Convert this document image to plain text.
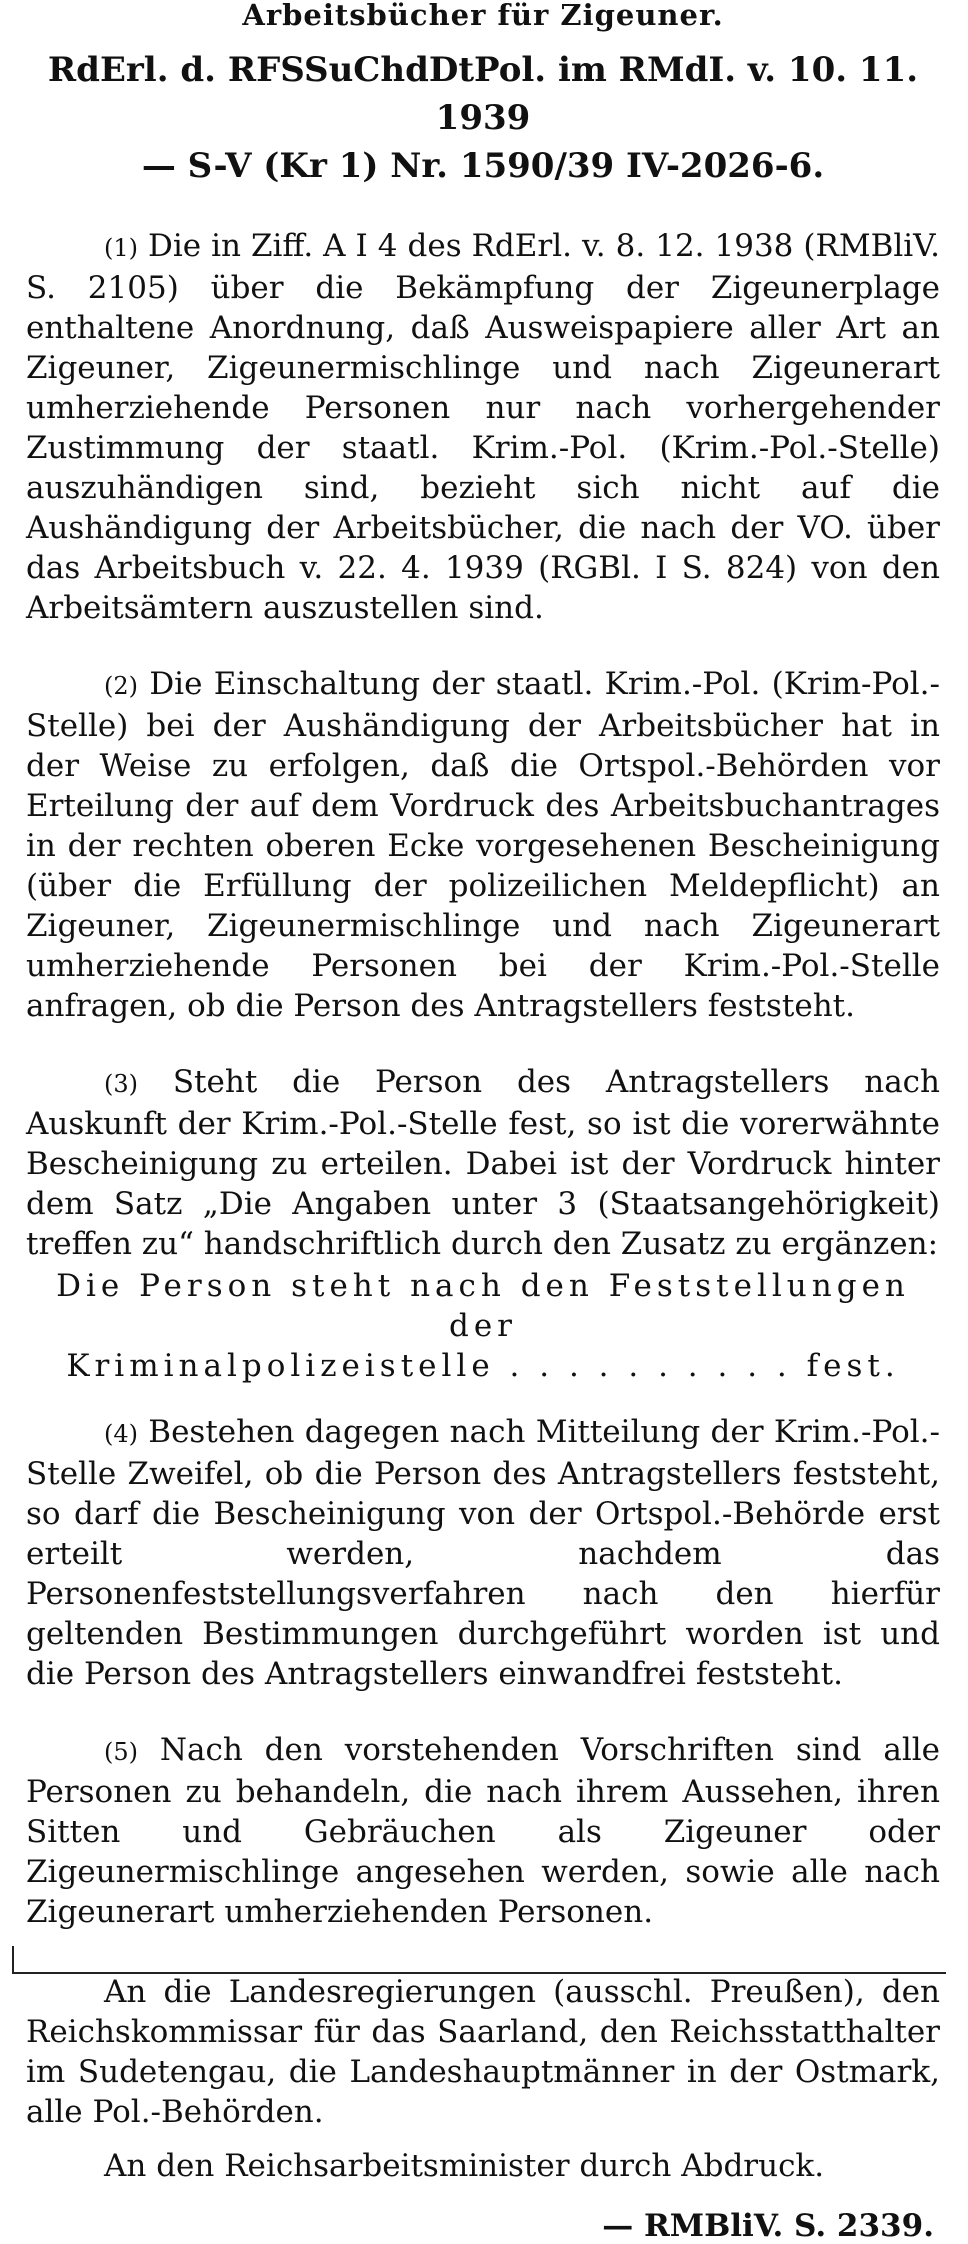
Arbeitsbücher für Zigeuner.
RdErl. d. RFSSuChdDtPol. im RMdI. v. 10. 11. 1939
— S-V (Kr 1) Nr. 1590/39 IV-2026-6.

(1) Die in Ziff. A I 4 des RdErl. v. 8. 12. 1938 (RMBliV. S. 2105) über die Bekämpfung der Zigeunerplage enthaltene Anordnung, daß Ausweispapiere aller Art an Zigeuner, Zigeunermischlinge und nach Zigeunerart umherziehende Personen nur nach vorhergehender Zustimmung der staatl. Krim.-Pol. (Krim.-Pol.-Stelle) auszuhändigen sind, bezieht sich nicht auf die Aushändigung der Arbeitsbücher, die nach der VO. über das Arbeitsbuch v. 22. 4. 1939 (RGBl. I S. 824) von den Arbeitsämtern auszustellen sind.

(2) Die Einschaltung der staatl. Krim.-Pol. (Krim-Pol.-Stelle) bei der Aushändigung der Arbeitsbücher hat in der Weise zu erfolgen, daß die Ortspol.-Behörden vor Erteilung der auf dem Vordruck des Arbeitsbuchantrages in der rechten oberen Ecke vorgesehenen Bescheinigung (über die Erfüllung der polizeilichen Meldepflicht) an Zigeuner, Zigeunermischlinge und nach Zigeunerart umherziehende Personen bei der Krim.-Pol.-Stelle anfragen, ob die Person des Antragstellers feststeht.

(3) Steht die Person des Antragstellers nach Auskunft der Krim.-Pol.-Stelle fest, so ist die vorerwähnte Bescheinigung zu erteilen. Dabei ist der Vordruck hinter dem Satz „Die Angaben unter 3 (Staatsangehörigkeit) treffen zu“ handschriftlich durch den Zusatz zu ergänzen:

Die Person steht nach den Feststellungen der
Kriminalpolizeistelle . . . . . . . . . . fest.

(4) Bestehen dagegen nach Mitteilung der Krim.-Pol.-Stelle Zweifel, ob die Person des Antragstellers feststeht, so darf die Bescheinigung von der Ortspol.-Behörde erst erteilt werden, nachdem das Personenfeststellungsverfahren nach den hierfür geltenden Bestimmungen durchgeführt worden ist und die Person des Antragstellers einwandfrei feststeht.

(5) Nach den vorstehenden Vorschriften sind alle Personen zu behandeln, die nach ihrem Aussehen, ihren Sitten und Gebräuchen als Zigeuner oder Zigeunermischlinge angesehen werden, sowie alle nach Zigeunerart umherziehenden Personen.

An die Landesregierungen (ausschl. Preußen), den Reichskommissar für das Saarland, den Reichsstatthalter im Sudetengau, die Landeshauptmänner in der Ostmark, alle Pol.-Behörden.

An den Reichsarbeitsminister durch Abdruck.

— RMBliV. S. 2339.
